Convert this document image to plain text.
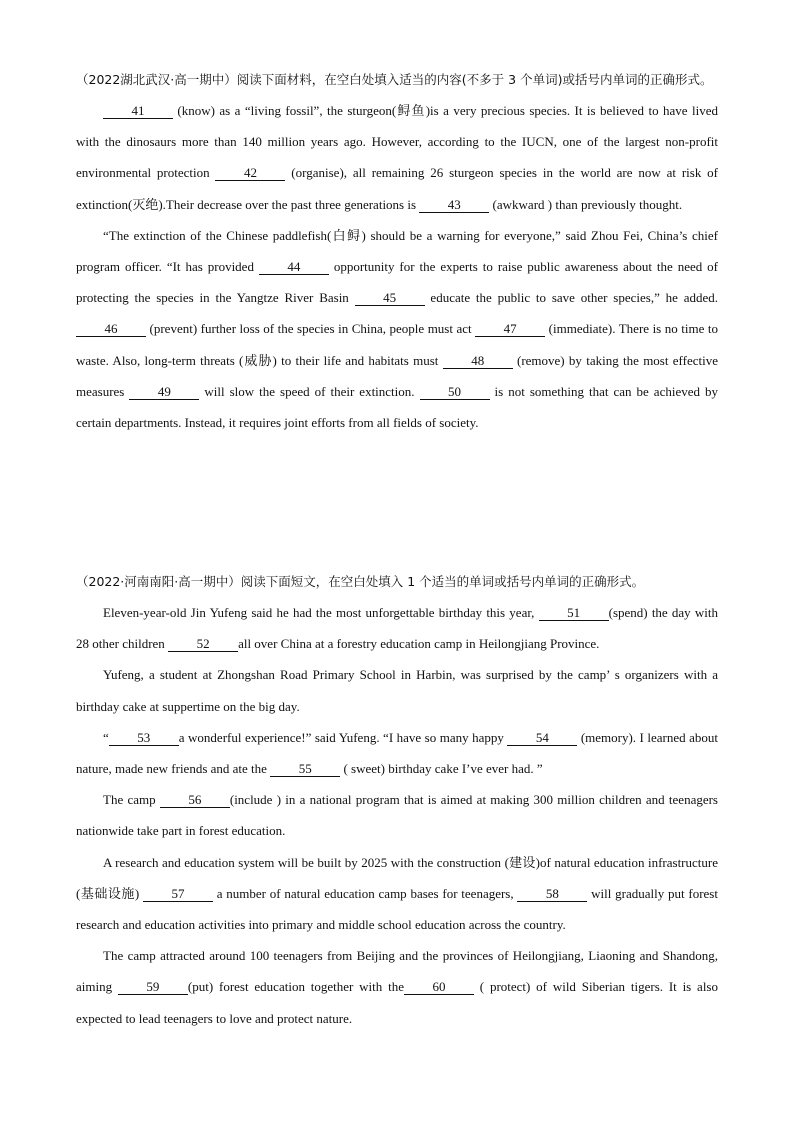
（2022湖北武汉·高一期中）阅读下面材料，在空白处填入适当的内容(不多于 3 个单词)或括号内单词的正确形式。

41 (know) as a “living fossil”, the sturgeon(鲟鱼)is a very precious species. It is believed to have lived with the dinosaurs more than 140 million years ago. However, according to the IUCN, one of the largest non-profit environmental protection 42 (organise), all remaining 26 sturgeon species in the world are now at risk of extinction(灭绝).Their decrease over the past three generations is 43 (awkward ) than previously thought.

“The extinction of the Chinese paddlefish(白鲟) should be a warning for everyone,” said Zhou Fei, China’s chief program officer. “It has provided 44 opportunity for the experts to raise public awareness about the need of protecting the species in the Yangtze River Basin 45 educate the public to save other species,” he added. 46 (prevent) further loss of the species in China, people must act 47 (immediate). There is no time to waste. Also, long-term threats (威胁) to their life and habitats must 48 (remove) by taking the most effective measures 49 will slow the speed of their extinction. 50 is not something that can be achieved by certain departments. Instead, it requires joint efforts from all fields of society.

（2022·河南南阳·高一期中）阅读下面短文，在空白处填入 1 个适当的单词或括号内单词的正确形式。

Eleven-year-old Jin Yufeng said he had the most unforgettable birthday this year, 51 (spend) the day with 28 other children 52 all over China at a forestry education camp in Heilongjiang Province.

Yufeng, a student at Zhongshan Road Primary School in Harbin, was surprised by the camp’ s organizers with a birthday cake at suppertime on the big day.

“ 53 a wonderful experience!” said Yufeng. “I have so many happy 54 (memory). I learned about nature, made new friends and ate the 55 ( sweet) birthday cake I’ve ever had. ”

The camp 56 (include ) in a national program that is aimed at making 300 million children and teenagers nationwide take part in forest education.

A research and education system will be built by 2025 with the construction (建设)of natural education infrastructure (基础设施) 57 a number of natural education camp bases for teenagers, 58 will gradually put forest research and education activities into primary and middle school education across the country.

The camp attracted around 100 teenagers from Beijing and the provinces of Heilongjiang, Liaoning and Shandong, aiming 59 (put) forest education together with the 60 ( protect) of wild Siberian tigers. It is also expected to lead teenagers to love and protect nature.
